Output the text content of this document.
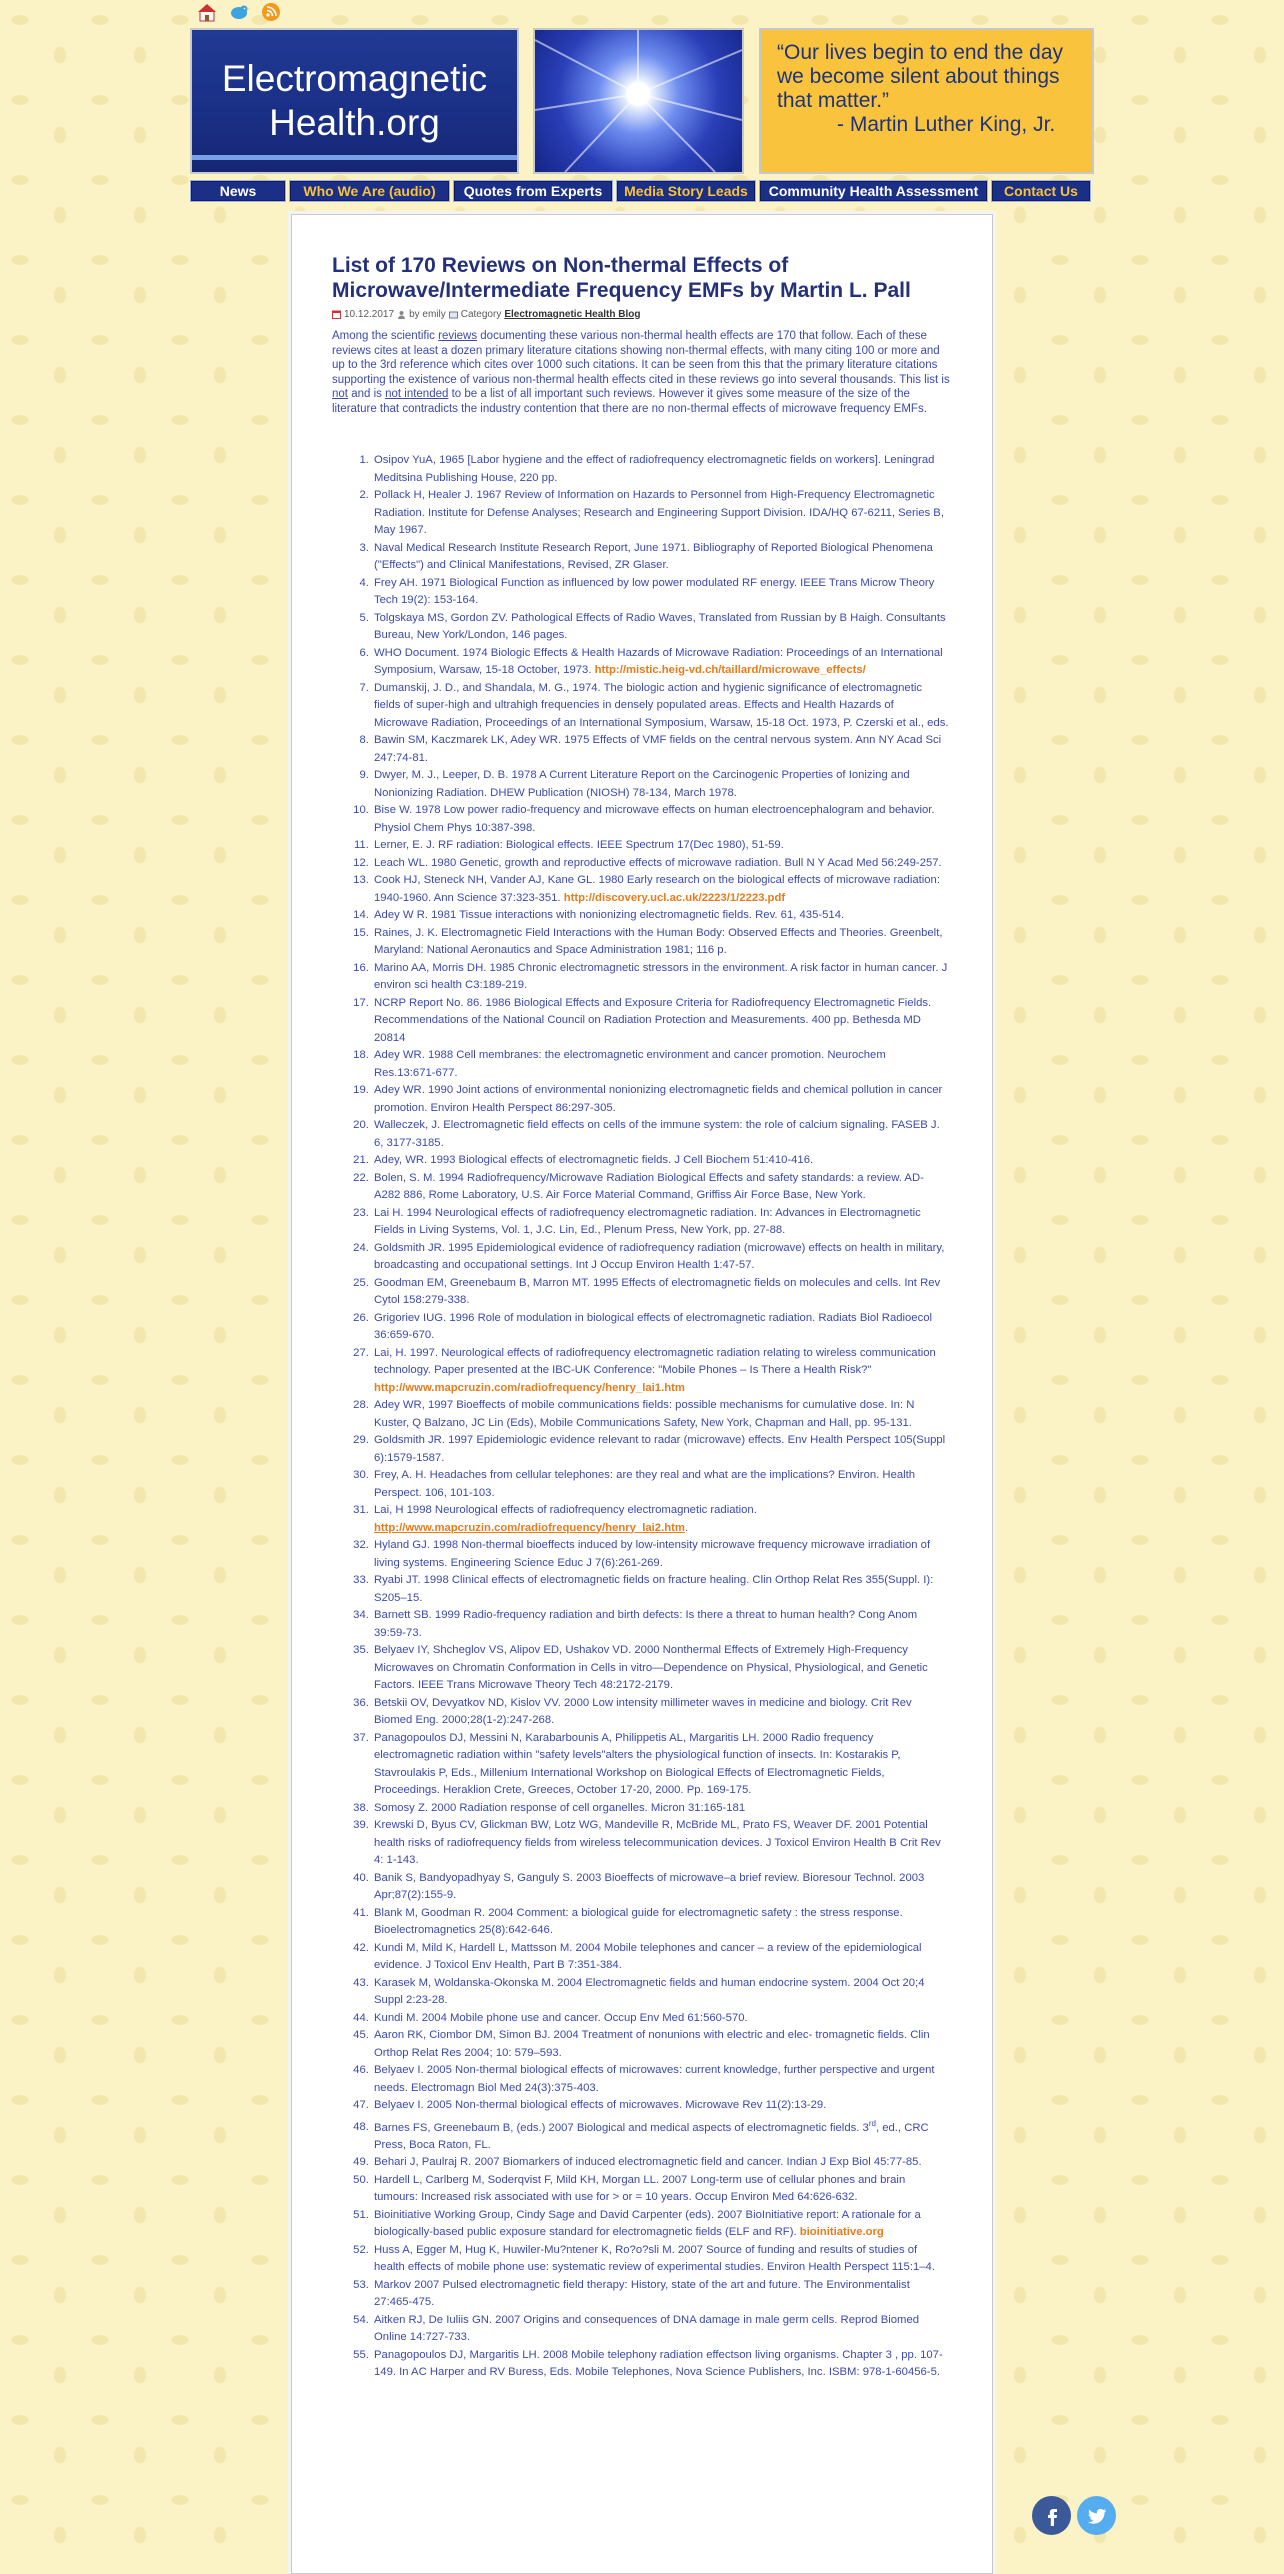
Electromagnetic
Health.org
“Our lives begin to end the day we become silent about things that matter.”
- Martin Luther King, Jr.
News	Who We Are (audio)	Quotes from Experts	Media Story Leads	Community Health Assessment	Contact Us
List of 170 Reviews on Non-thermal Effects of Microwave/Intermediate Frequency EMFs by Martin L. Pall
10.12.2017 by emily Category Electromagnetic Health Blog

Among the scientific reviews documenting these various non-thermal health effects are 170 that follow. Each of these reviews cites at least a dozen primary literature citations showing non-thermal effects, with many citing 100 or more and up to the 3rd reference which cites over 1000 such citations. It can be seen from this that the primary literature citations supporting the existence of various non-thermal health effects cited in these reviews go into several thousands. This list is not and is not intended to be a list of all important such reviews. However it gives some measure of the size of the literature that contradicts the industry contention that there are no non-thermal effects of microwave frequency EMFs.

1. Osipov YuA, 1965 [Labor hygiene and the effect of radiofrequency electromagnetic fields on workers]. Leningrad Meditsina Publishing House, 220 pp.
2. Pollack H, Healer J. 1967 Review of Information on Hazards to Personnel from High-Frequency Electromagnetic Radiation. Institute for Defense Analyses; Research and Engineering Support Division. IDA/HQ 67-6211, Series B, May 1967.
3. Naval Medical Research Institute Research Report, June 1971. Bibliography of Reported Biological Phenomena ("Effects") and Clinical Manifestations, Revised, ZR Glaser.
4. Frey AH. 1971 Biological Function as influenced by low power modulated RF energy. IEEE Trans Microw Theory Tech 19(2): 153-164.
5. Tolgskaya MS, Gordon ZV. Pathological Effects of Radio Waves, Translated from Russian by B Haigh. Consultants Bureau, New York/London, 146 pages.
6. WHO Document. 1974 Biologic Effects & Health Hazards of Microwave Radiation: Proceedings of an International Symposium, Warsaw, 15-18 October, 1973. http://mistic.heig-vd.ch/taillard/microwave_effects/
7. Dumanskij, J. D., and Shandala, M. G., 1974. The biologic action and hygienic significance of electromagnetic fields of super-high and ultrahigh frequencies in densely populated areas. Effects and Health Hazards of Microwave Radiation, Proceedings of an International Symposium, Warsaw, 15-18 Oct. 1973, P. Czerski et al., eds.
8. Bawin SM, Kaczmarek LK, Adey WR. 1975 Effects of VMF fields on the central nervous system. Ann NY Acad Sci 247:74-81.
9. Dwyer, M. J., Leeper, D. B. 1978 A Current Literature Report on the Carcinogenic Properties of Ionizing and Nonionizing Radiation. DHEW Publication (NIOSH) 78-134, March 1978.
10. Bise W. 1978 Low power radio-frequency and microwave effects on human electroencephalogram and behavior. Physiol Chem Phys 10:387-398.
11. Lerner, E. J. RF radiation: Biological effects. IEEE Spectrum 17(Dec 1980), 51-59.
12. Leach WL. 1980 Genetic, growth and reproductive effects of microwave radiation. Bull N Y Acad Med 56:249-257.
13. Cook HJ, Steneck NH, Vander AJ, Kane GL. 1980 Early research on the biological effects of microwave radiation: 1940-1960. Ann Science 37:323-351. http://discovery.ucl.ac.uk/2223/1/2223.pdf
14. Adey W R. 1981 Tissue interactions with nonionizing electromagnetic fields. Rev. 61, 435-514.
15. Raines, J. K. Electromagnetic Field Interactions with the Human Body: Observed Effects and Theories. Greenbelt, Maryland: National Aeronautics and Space Administration 1981; 116 p.
16. Marino AA, Morris DH. 1985 Chronic electromagnetic stressors in the environment. A risk factor in human cancer. J environ sci health C3:189-219.
17. NCRP Report No. 86. 1986 Biological Effects and Exposure Criteria for Radiofrequency Electromagnetic Fields. Recommendations of the National Council on Radiation Protection and Measurements. 400 pp. Bethesda MD 20814
18. Adey WR. 1988 Cell membranes: the electromagnetic environment and cancer promotion. Neurochem Res.13:671-677.
19. Adey WR. 1990 Joint actions of environmental nonionizing electromagnetic fields and chemical pollution in cancer promotion. Environ Health Perspect 86:297-305.
20. Walleczek, J. Electromagnetic field effects on cells of the immune system: the role of calcium signaling. FASEB J. 6, 3177-3185.
21. Adey, WR. 1993 Biological effects of electromagnetic fields. J Cell Biochem 51:410-416.
22. Bolen, S. M. 1994 Radiofrequency/Microwave Radiation Biological Effects and safety standards: a review. AD-A282 886, Rome Laboratory, U.S. Air Force Material Command, Griffiss Air Force Base, New York.
23. Lai H. 1994 Neurological effects of radiofrequency electromagnetic radiation. In: Advances in Electromagnetic Fields in Living Systems, Vol. 1, J.C. Lin, Ed., Plenum Press, New York, pp. 27-88.
24. Goldsmith JR. 1995 Epidemiological evidence of radiofrequency radiation (microwave) effects on health in military, broadcasting and occupational settings. Int J Occup Environ Health 1:47-57.
25. Goodman EM, Greenebaum B, Marron MT. 1995 Effects of electromagnetic fields on molecules and cells. Int Rev Cytol 158:279-338.
26. Grigoriev IUG. 1996 Role of modulation in biological effects of electromagnetic radiation. Radiats Biol Radioecol 36:659-670.
27. Lai, H. 1997. Neurological effects of radiofrequency electromagnetic radiation relating to wireless communication technology. Paper presented at the IBC-UK Conference: "Mobile Phones – Is There a Health Risk?" http://www.mapcruzin.com/radiofrequency/henry_lai1.htm
28. Adey WR, 1997 Bioeffects of mobile communications fields: possible mechanisms for cumulative dose. In: N Kuster, Q Balzano, JC Lin (Eds), Mobile Communications Safety, New York, Chapman and Hall, pp. 95-131.
29. Goldsmith JR. 1997 Epidemiologic evidence relevant to radar (microwave) effects. Env Health Perspect 105(Suppl 6):1579-1587.
30. Frey, A. H. Headaches from cellular telephones: are they real and what are the implications? Environ. Health Perspect. 106, 101-103.
31. Lai, H 1998 Neurological effects of radiofrequency electromagnetic radiation. http://www.mapcruzin.com/radiofrequency/henry_lai2.htm.
32. Hyland GJ. 1998 Non-thermal bioeffects induced by low-intensity microwave frequency microwave irradiation of living systems. Engineering Science Educ J 7(6):261-269.
33. Ryabi JT. 1998 Clinical effects of electromagnetic fields on fracture healing. Clin Orthop Relat Res 355(Suppl. I): S205–15.
34. Barnett SB. 1999 Radio-frequency radiation and birth defects: Is there a threat to human health? Cong Anom 39:59-73.
35. Belyaev IY, Shcheglov VS, Alipov ED, Ushakov VD. 2000 Nonthermal Effects of Extremely High-Frequency Microwaves on Chromatin Conformation in Cells in vitro—Dependence on Physical, Physiological, and Genetic Factors. IEEE Trans Microwave Theory Tech 48:2172-2179.
36. Betskii OV, Devyatkov ND, Kislov VV. 2000 Low intensity millimeter waves in medicine and biology. Crit Rev Biomed Eng. 2000;28(1-2):247-268.
37. Panagopoulos DJ, Messini N, Karabarbounis A, Philippetis AL, Margaritis LH. 2000 Radio frequency electromagnetic radiation within "safety levels"alters the physiological function of insects. In: Kostarakis P, Stavroulakis P, Eds., Millenium International Workshop on Biological Effects of Electromagnetic Fields, Proceedings. Heraklion Crete, Greeces, October 17-20, 2000. Pp. 169-175.
38. Somosy Z. 2000 Radiation response of cell organelles. Micron 31:165-181
39. Krewski D, Byus CV, Glickman BW, Lotz WG, Mandeville R, McBride ML, Prato FS, Weaver DF. 2001 Potential health risks of radiofrequency fields from wireless telecommunication devices. J Toxicol Environ Health B Crit Rev 4: 1-143.
40. Banik S, Bandyopadhyay S, Ganguly S. 2003 Bioeffects of microwave–a brief review. Bioresour Technol. 2003 Apr;87(2):155-9.
41. Blank M, Goodman R. 2004 Comment: a biological guide for electromagnetic safety : the stress response. Bioelectromagnetics 25(8):642-646.
42. Kundi M, Mild K, Hardell L, Mattsson M. 2004 Mobile telephones and cancer – a review of the epidemiological evidence. J Toxicol Env Health, Part B 7:351-384.
43. Karasek M, Woldanska-Okonska M. 2004 Electromagnetic fields and human endocrine system. 2004 Oct 20;4 Suppl 2:23-28.
44. Kundi M. 2004 Mobile phone use and cancer. Occup Env Med 61:560-570.
45. Aaron RK, Ciombor DM, Simon BJ. 2004 Treatment of nonunions with electric and elec- tromagnetic fields. Clin Orthop Relat Res 2004; 10: 579–593.
46. Belyaev I. 2005 Non-thermal biological effects of microwaves: current knowledge, further perspective and urgent needs. Electromagn Biol Med 24(3):375-403.
47. Belyaev I. 2005 Non-thermal biological effects of microwaves. Microwave Rev 11(2):13-29.
48. Barnes FS, Greenebaum B, (eds.) 2007 Biological and medical aspects of electromagnetic fields. 3rd, ed., CRC Press, Boca Raton, FL.
49. Behari J, Paulraj R. 2007 Biomarkers of induced electromagnetic field and cancer. Indian J Exp Biol 45:77-85.
50. Hardell L, Carlberg M, Soderqvist F, Mild KH, Morgan LL. 2007 Long-term use of cellular phones and brain tumours: Increased risk associated with use for > or = 10 years. Occup Environ Med 64:626-632.
51. Bioinitiative Working Group, Cindy Sage and David Carpenter (eds). 2007 BioInitiative report: A rationale for a biologically-based public exposure standard for electromagnetic fields (ELF and RF). bioinitiative.org
52. Huss A, Egger M, Hug K, Huwiler-Mu?ntener K, Ro?o?sli M. 2007 Source of funding and results of studies of health effects of mobile phone use: systematic review of experimental studies. Environ Health Perspect 115:1–4.
53. Markov 2007 Pulsed electromagnetic field therapy: History, state of the art and future. The Environmentalist 27:465-475.
54. Aitken RJ, De Iuliis GN. 2007 Origins and consequences of DNA damage in male germ cells. Reprod Biomed Online 14:727-733.
55. Panagopoulos DJ, Margaritis LH. 2008 Mobile telephony radiation effectson living organisms. Chapter 3 , pp. 107-149. In AC Harper and RV Buress, Eds. Mobile Telephones, Nova Science Publishers, Inc. ISBM: 978-1-60456-5.
